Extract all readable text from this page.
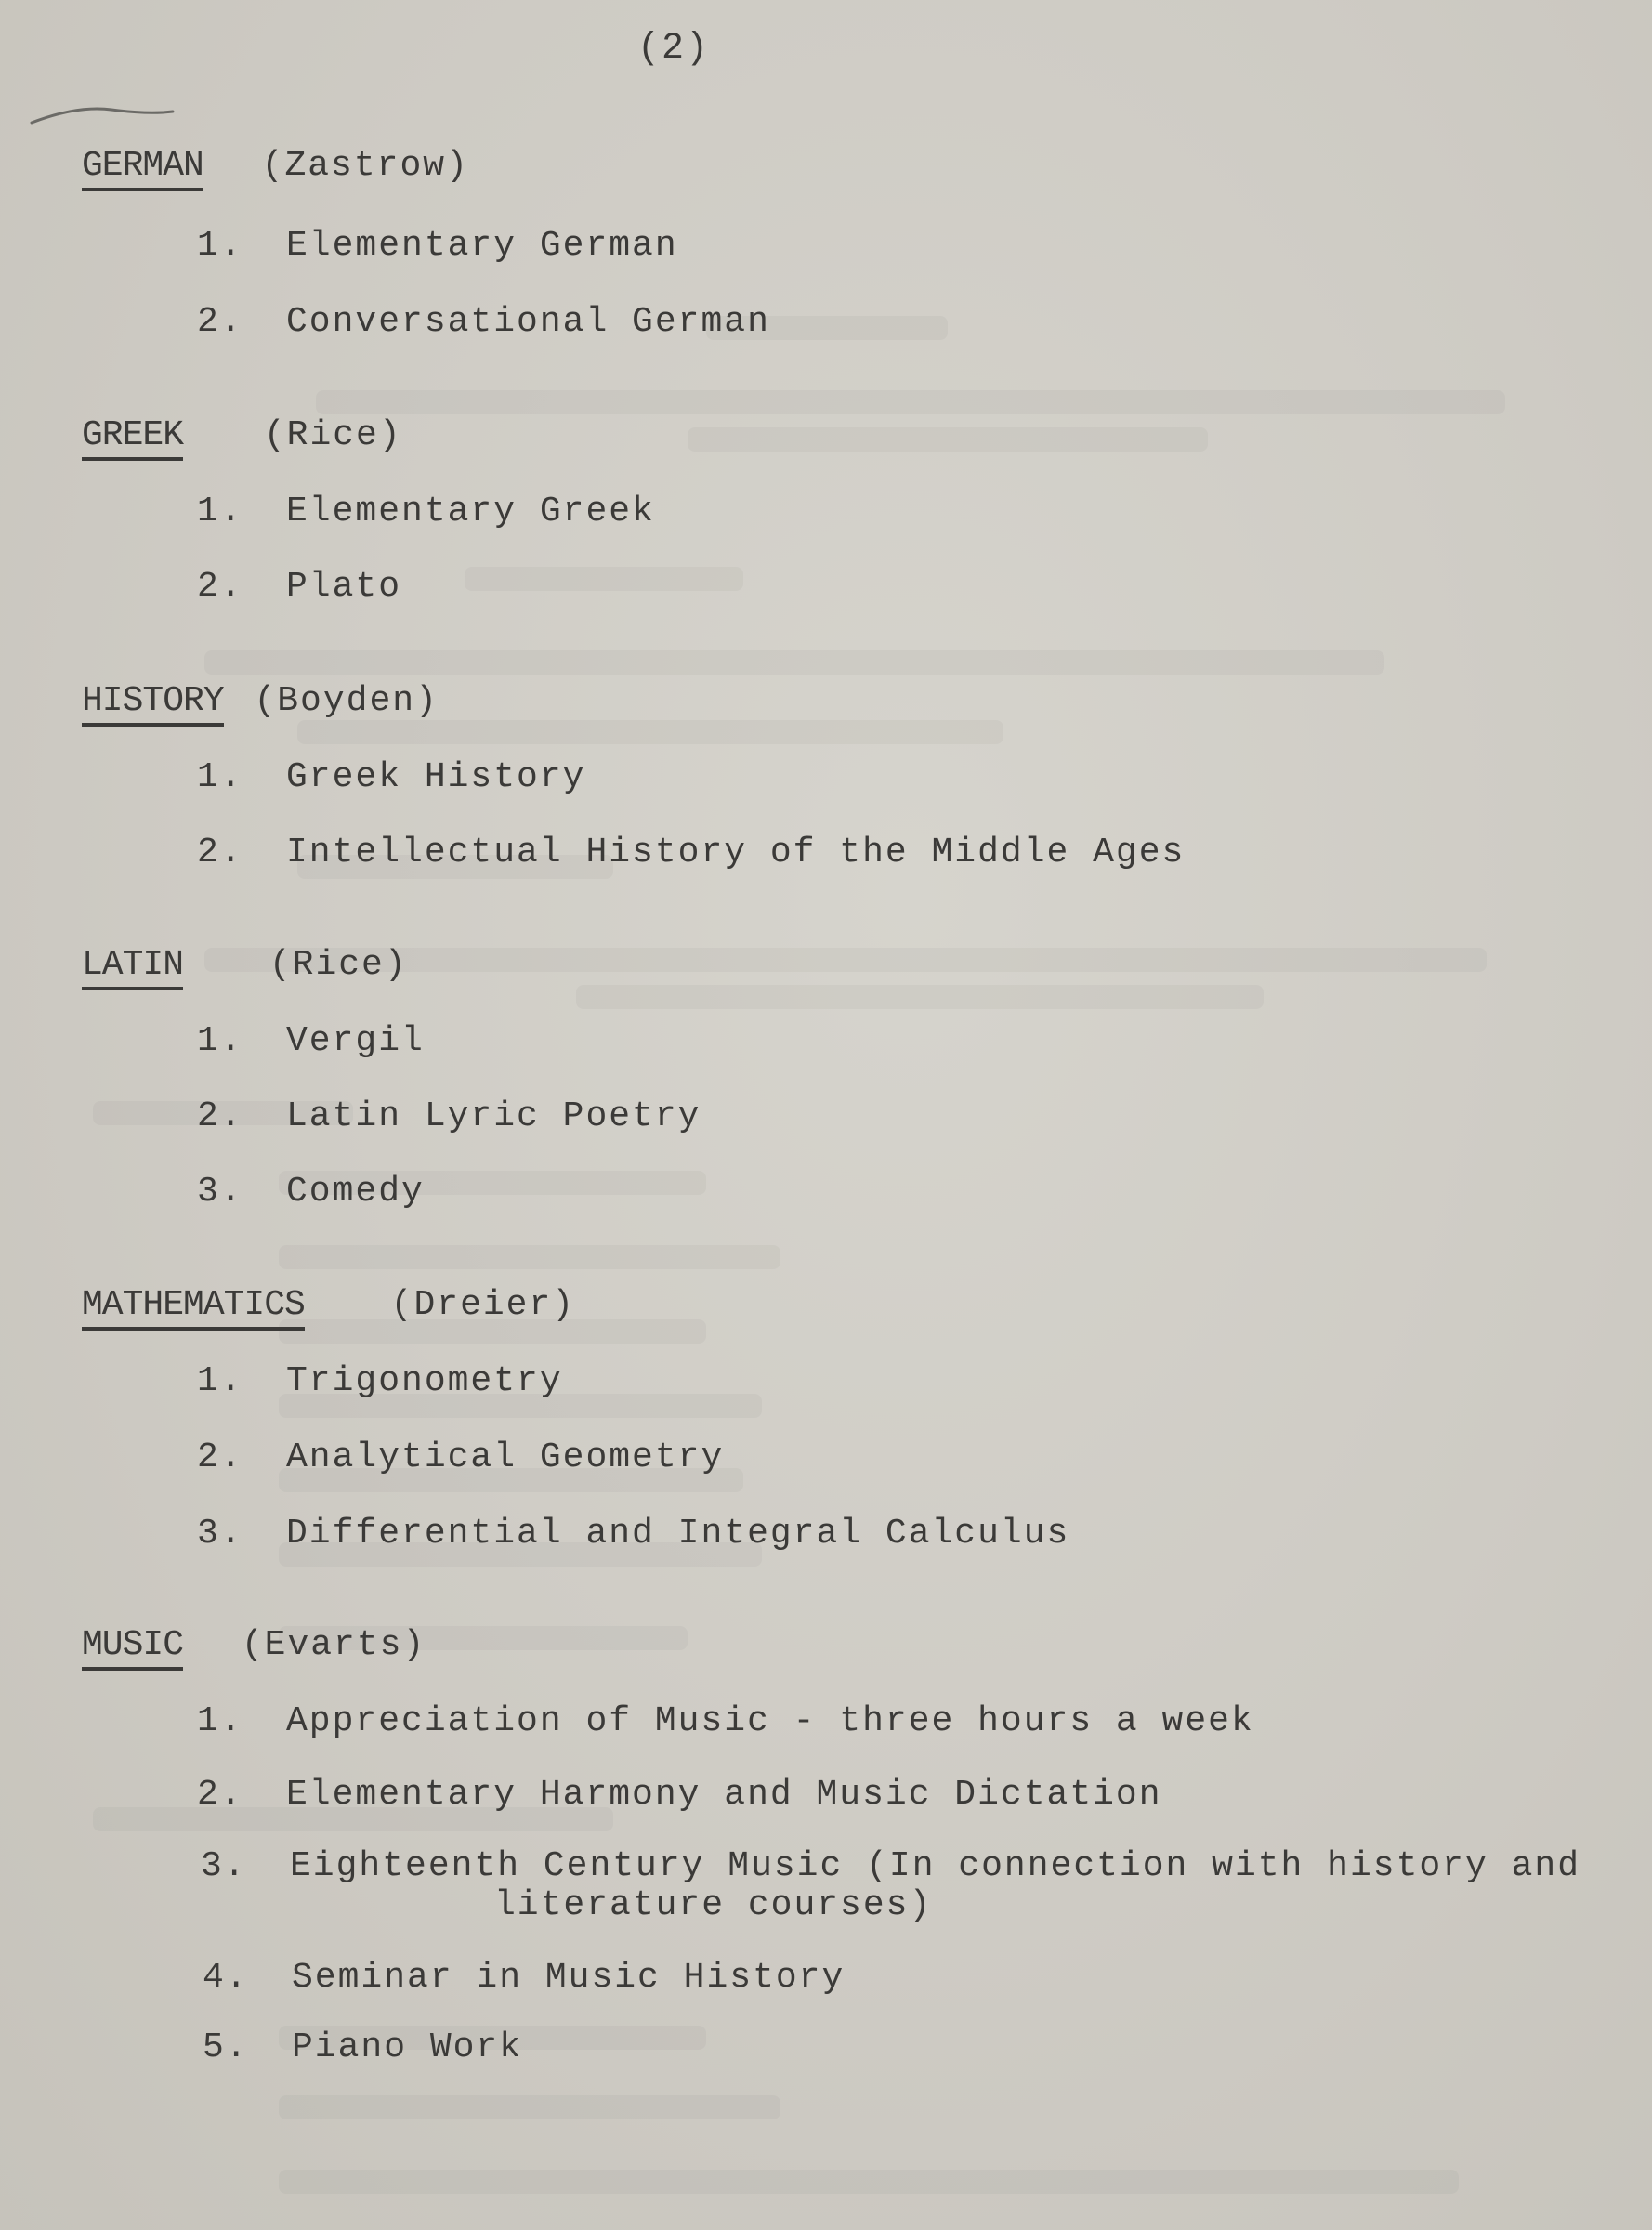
(2)
GERMAN (Zastrow)
1. Elementary German
2. Conversational German
GREEK (Rice)
1. Elementary Greek
2. Plato
HISTORY (Boyden)
1. Greek History
2. Intellectual History of the Middle Ages
LATIN (Rice)
1. Vergil
2. Latin Lyric Poetry
3. Comedy
MATHEMATICS (Dreier)
1. Trigonometry
2. Analytical Geometry
3. Differential and Integral Calculus
MUSIC (Evarts)
1. Appreciation of Music - three hours a week
2. Elementary Harmony and Music Dictation
3. Eighteenth Century Music (In connection with history and
literature courses)
4. Seminar in Music History
5. Piano Work
